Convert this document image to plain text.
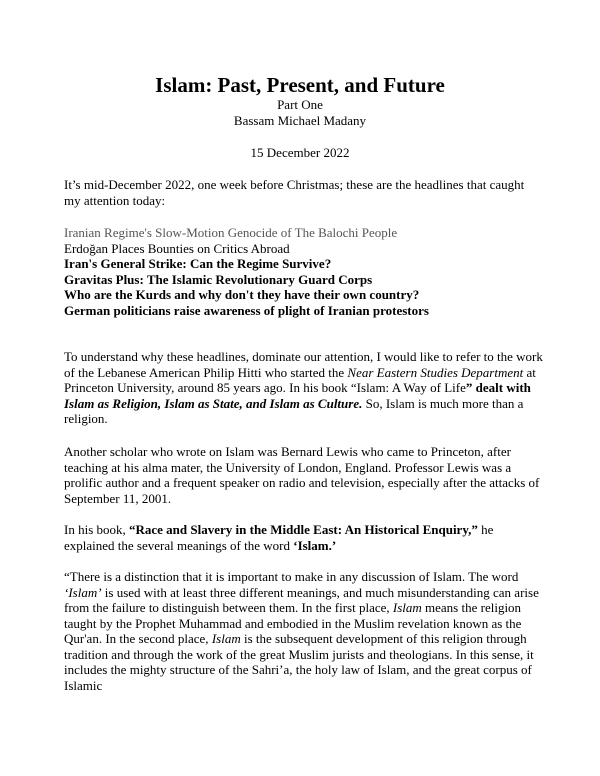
Islam: Past, Present, and Future
Part One
Bassam Michael Madany
15 December 2022

It’s mid-December 2022, one week before Christmas; these are the headlines that caught my attention today:

Iranian Regime's Slow-Motion Genocide of The Balochi People
Erdoğan Places Bounties on Critics Abroad
Iran's General Strike: Can the Regime Survive?
Gravitas Plus: The Islamic Revolutionary Guard Corps
Who are the Kurds and why don't they have their own country?
German politicians raise awareness of plight of Iranian protestors

To understand why these headlines, dominate our attention, I would like to refer to the work of the Lebanese American Philip Hitti who started the Near Eastern Studies Department at Princeton University, around 85 years ago. In his book “Islam: A Way of Life” dealt with Islam as Religion, Islam as State, and Islam as Culture. So, Islam is much more than a religion.

Another scholar who wrote on Islam was Bernard Lewis who came to Princeton, after teaching at his alma mater, the University of London, England. Professor Lewis was a prolific author and a frequent speaker on radio and television, especially after the attacks of September 11, 2001.

In his book, “Race and Slavery in the Middle East: An Historical Enquiry,” he explained the several meanings of the word ‘Islam.’

“There is a distinction that it is important to make in any discussion of Islam. The word ‘Islam’ is used with at least three different meanings, and much misunderstanding can arise from the failure to distinguish between them. In the first place, Islam means the religion taught by the Prophet Muhammad and embodied in the Muslim revelation known as the Qur'an. In the second place, Islam is the subsequent development of this religion through tradition and through the work of the great Muslim jurists and theologians. In this sense, it includes the mighty structure of the Sahri’a, the holy law of Islam, and the great corpus of Islamic
